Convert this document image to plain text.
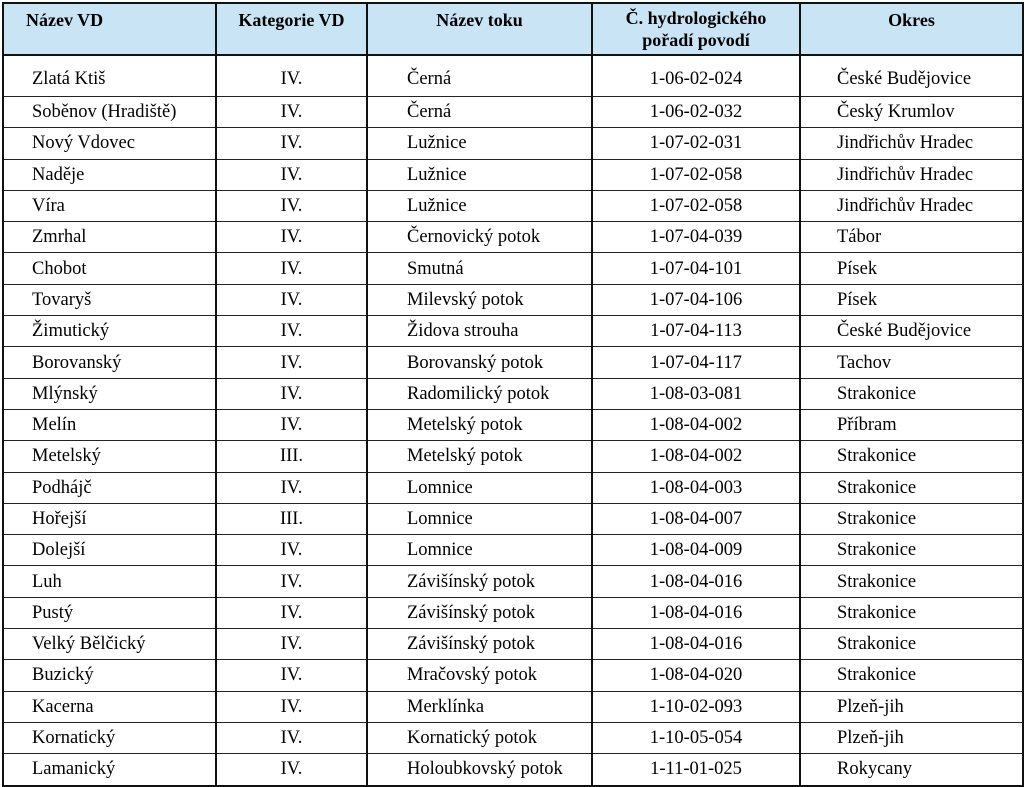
Název VD	Kategorie VD	Název toku	Č. hydrologického
pořadí povodí	Okres
Zlatá Ktiš	IV.	Černá	1-06-02-024	České Budějovice
Soběnov (Hradiště)	IV.	Černá	1-06-02-032	Český Krumlov
Nový Vdovec	IV.	Lužnice	1-07-02-031	Jindřichův Hradec
Naděje	IV.	Lužnice	1-07-02-058	Jindřichův Hradec
Víra	IV.	Lužnice	1-07-02-058	Jindřichův Hradec
Zmrhal	IV.	Černovický potok	1-07-04-039	Tábor
Chobot	IV.	Smutná	1-07-04-101	Písek
Tovaryš	IV.	Milevský potok	1-07-04-106	Písek
Žimutický	IV.	Židova strouha	1-07-04-113	České Budějovice
Borovanský	IV.	Borovanský potok	1-07-04-117	Tachov
Mlýnský	IV.	Radomilický potok	1-08-03-081	Strakonice
Melín	IV.	Metelský potok	1-08-04-002	Příbram
Metelský	III.	Metelský potok	1-08-04-002	Strakonice
Podhájč	IV.	Lomnice	1-08-04-003	Strakonice
Hořejší	III.	Lomnice	1-08-04-007	Strakonice
Dolejší	IV.	Lomnice	1-08-04-009	Strakonice
Luh	IV.	Závišínský potok	1-08-04-016	Strakonice
Pustý	IV.	Závišínský potok	1-08-04-016	Strakonice
Velký Bělčický	IV.	Závišínský potok	1-08-04-016	Strakonice
Buzický	IV.	Mračovský potok	1-08-04-020	Strakonice
Kacerna	IV.	Merklínka	1-10-02-093	Plzeň-jih
Kornatický	IV.	Kornatický potok	1-10-05-054	Plzeň-jih
Lamanický	IV.	Holoubkovský potok	1-11-01-025	Rokycany
